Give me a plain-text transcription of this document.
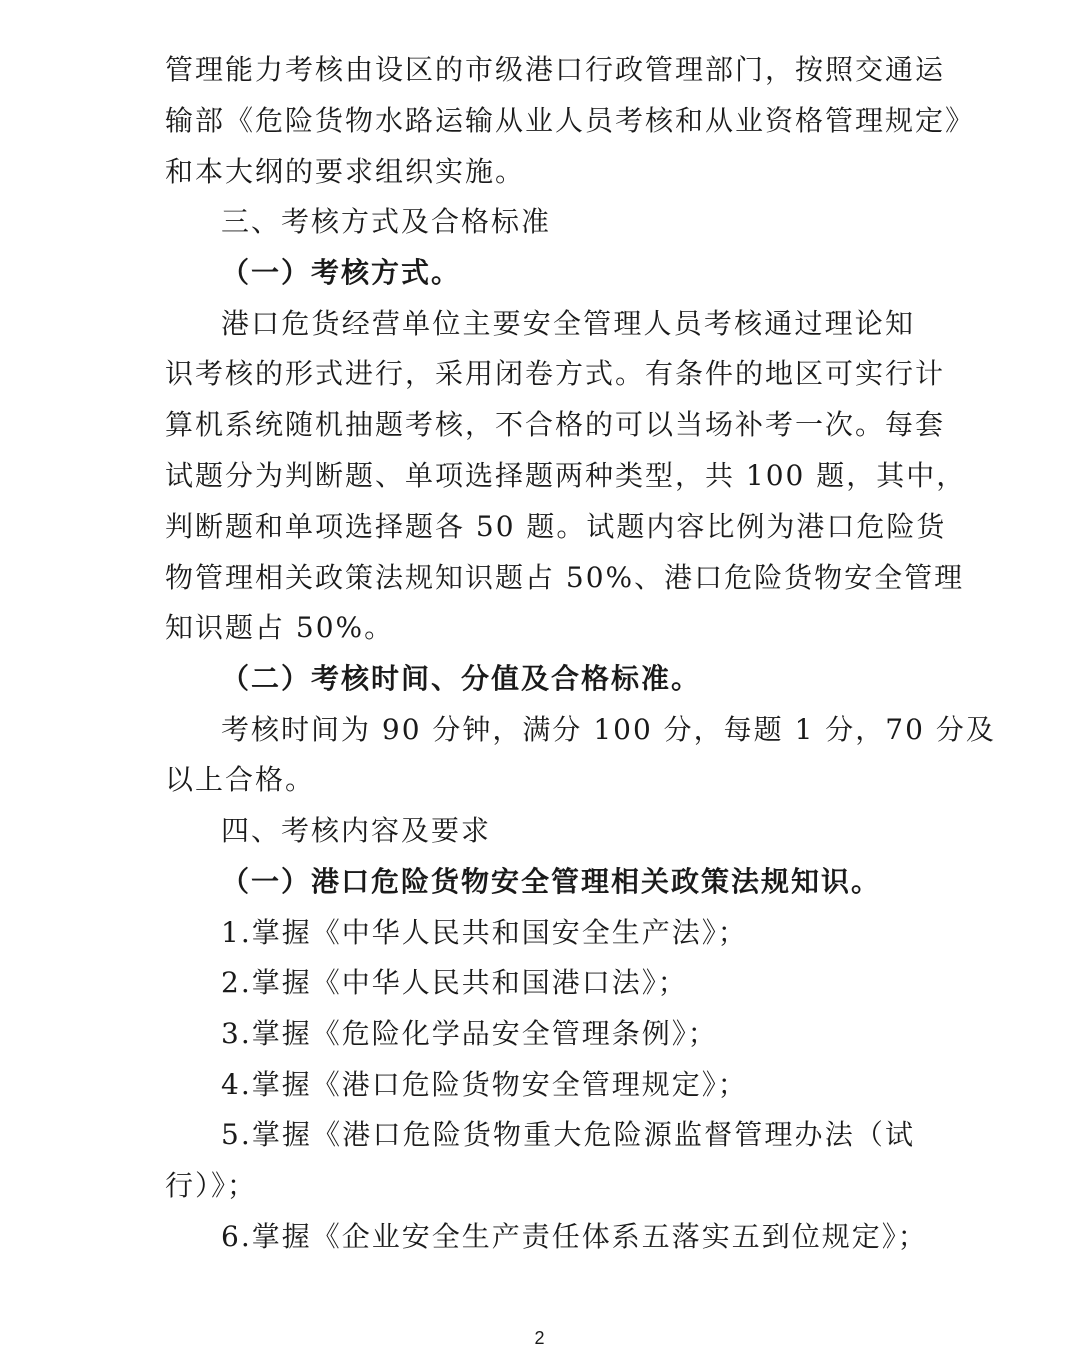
管理能力考核由设区的市级港口行政管理部门，按照交通运
输部《危险货物水路运输从业人员考核和从业资格管理规定》
和本大纲的要求组织实施。
三、考核方式及合格标准
（一）考核方式。
港口危货经营单位主要安全管理人员考核通过理论知
识考核的形式进行，采用闭卷方式。有条件的地区可实行计
算机系统随机抽题考核，不合格的可以当场补考一次。每套
试题分为判断题、单项选择题两种类型，共 100 题，其中，
判断题和单项选择题各 50 题。试题内容比例为港口危险货
物管理相关政策法规知识题占 50%、港口危险货物安全管理
知识题占 50%。
（二）考核时间、分值及合格标准。
考核时间为 90 分钟，满分 100 分，每题 1 分，70 分及
以上合格。
四、考核内容及要求
（一）港口危险货物安全管理相关政策法规知识。
1.掌握《中华人民共和国安全生产法》；
2.掌握《中华人民共和国港口法》；
3.掌握《危险化学品安全管理条例》；
4.掌握《港口危险货物安全管理规定》；
5.掌握《港口危险货物重大危险源监督管理办法（试
行）》；
6.掌握《企业安全生产责任体系五落实五到位规定》；
2
